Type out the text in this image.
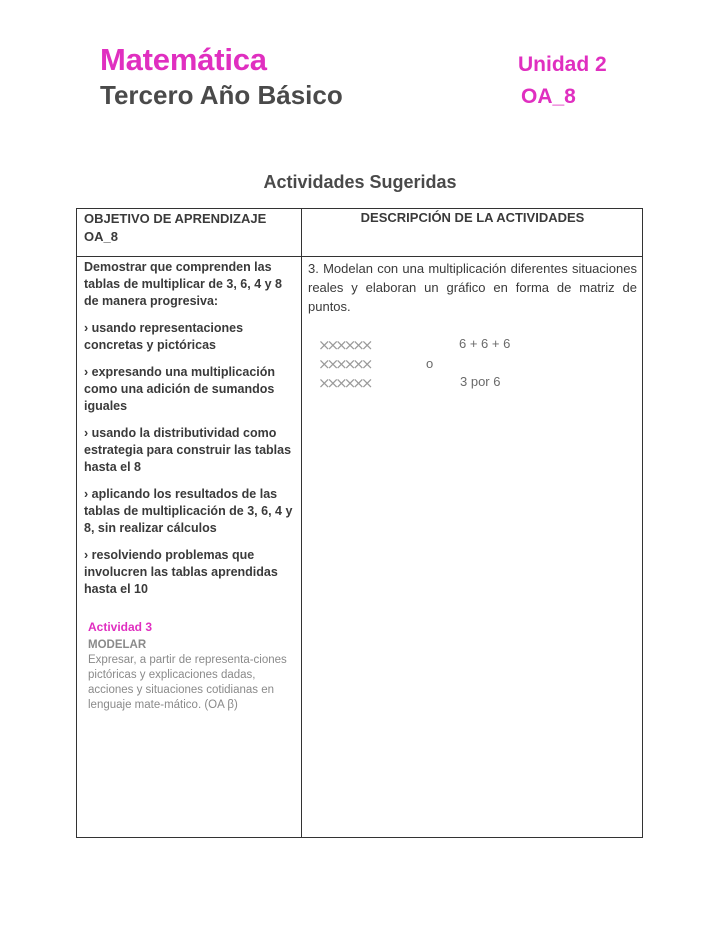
Matemática
Tercero Año Básico
Unidad 2
OA_8
Actividades Sugeridas
OBJETIVO DE APRENDIZAJE OA_8
DESCRIPCIÓN DE LA ACTIVIDADES

Demostrar que comprenden las tablas de multiplicar de 3, 6, 4 y 8 de manera progresiva:

› usando representaciones concretas y pictóricas

› expresando una multiplicación como una adición de sumandos iguales

› usando la distributividad como estrategia para construir las tablas hasta el 8

› aplicando los resultados de las tablas de multiplicación de 3, 6, 4 y 8, sin realizar cálculos

› resolviendo problemas que involucren las tablas aprendidas hasta el 10

Actividad 3
MODELAR
Expresar, a partir de representa-ciones pictóricas y explicaciones dadas, acciones y situaciones cotidianas en lenguaje mate-mático. (OA β)
3. Modelan con una multiplicación diferentes situaciones reales y elaboran un gráfico en forma de matriz de puntos.
××××××
××××××
××××××
6 + 6 + 6
o
3 por 6
